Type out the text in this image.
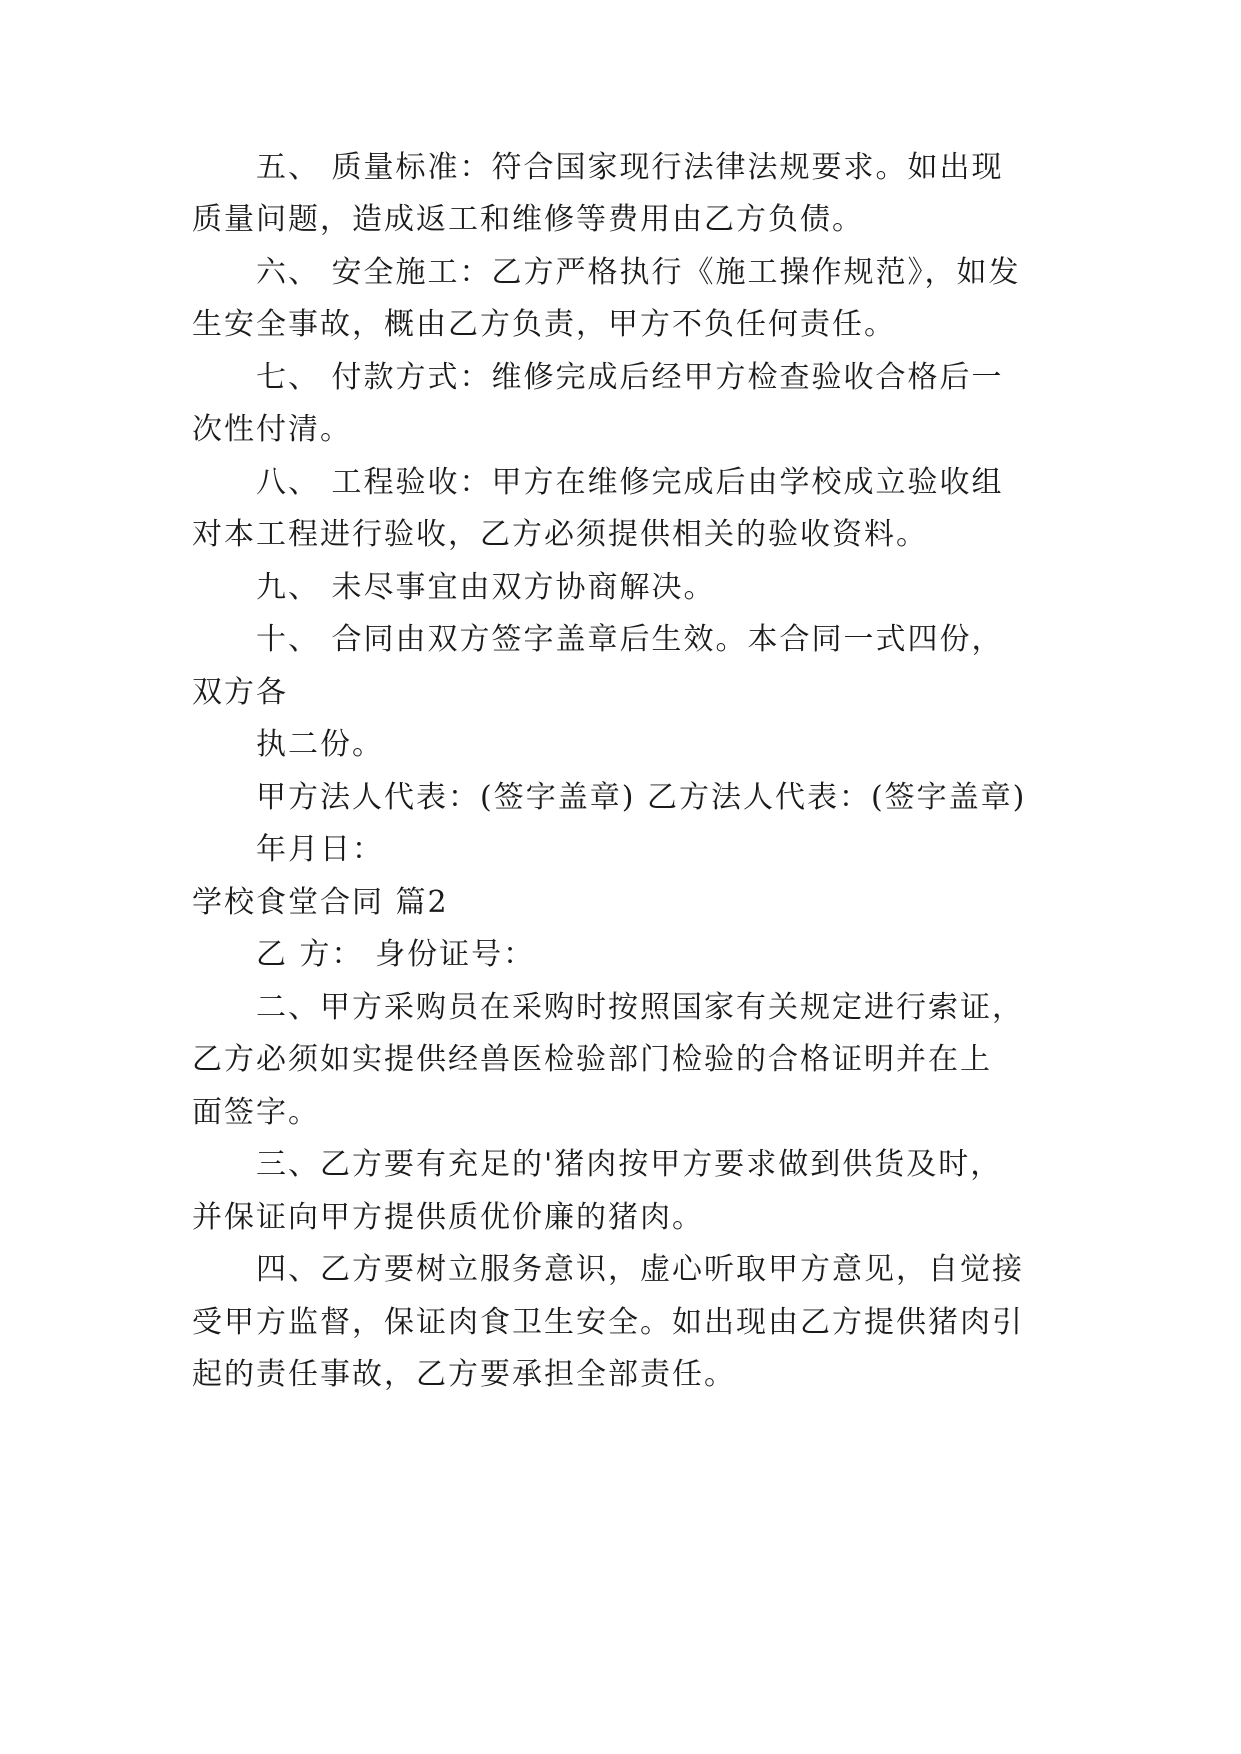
五、 质量标准：符合国家现行法律法规要求。如出现
质量问题，造成返工和维修等费用由乙方负债。
六、 安全施工：乙方严格执行《施工操作规范》，如发
生安全事故，概由乙方负责，甲方不负任何责任。
七、 付款方式：维修完成后经甲方检查验收合格后一
次性付清。
八、 工程验收：甲方在维修完成后由学校成立验收组
对本工程进行验收，乙方必须提供相关的验收资料。
九、 未尽事宜由双方协商解决。
十、 合同由双方签字盖章后生效。本合同一式四份，
双方各
执二份。
甲方法人代表：(签字盖章) 乙方法人代表：(签字盖章)
年月日：
学校食堂合同 篇2
乙 方： 身份证号：
二、甲方采购员在采购时按照国家有关规定进行索证，
乙方必须如实提供经兽医检验部门检验的合格证明并在上
面签字。
三、乙方要有充足的'猪肉按甲方要求做到供货及时，
并保证向甲方提供质优价廉的猪肉。
四、乙方要树立服务意识，虚心听取甲方意见，自觉接
受甲方监督，保证肉食卫生安全。如出现由乙方提供猪肉引
起的责任事故，乙方要承担全部责任。
